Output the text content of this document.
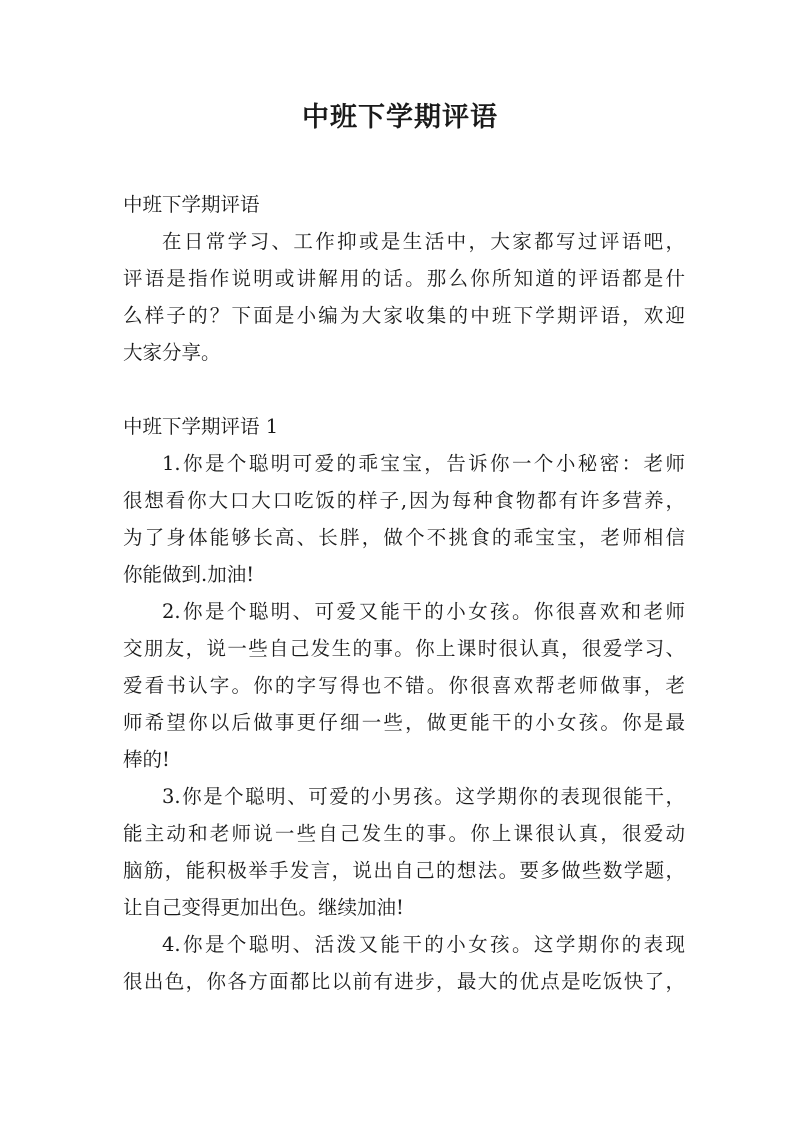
中班下学期评语
中班下学期评语
在日常学习、工作抑或是生活中，大家都写过评语吧，
评语是指作说明或讲解用的话。那么你所知道的评语都是什
么样子的？下面是小编为大家收集的中班下学期评语，欢迎
大家分享。
中班下学期评语 1
1.你是个聪明可爱的乖宝宝，告诉你一个小秘密：老师
很想看你大口大口吃饭的样子,因为每种食物都有许多营养，
为了身体能够长高、长胖，做个不挑食的乖宝宝，老师相信
你能做到.加油!
2.你是个聪明、可爱又能干的小女孩。你很喜欢和老师
交朋友，说一些自己发生的事。你上课时很认真，很爱学习、
爱看书认字。你的字写得也不错。你很喜欢帮老师做事，老
师希望你以后做事更仔细一些，做更能干的小女孩。你是最
棒的!
3.你是个聪明、可爱的小男孩。这学期你的表现很能干，
能主动和老师说一些自己发生的事。你上课很认真，很爱动
脑筋，能积极举手发言，说出自己的想法。要多做些数学题，
让自己变得更加出色。继续加油!
4.你是个聪明、活泼又能干的小女孩。这学期你的表现
很出色，你各方面都比以前有进步，最大的优点是吃饭快了，
